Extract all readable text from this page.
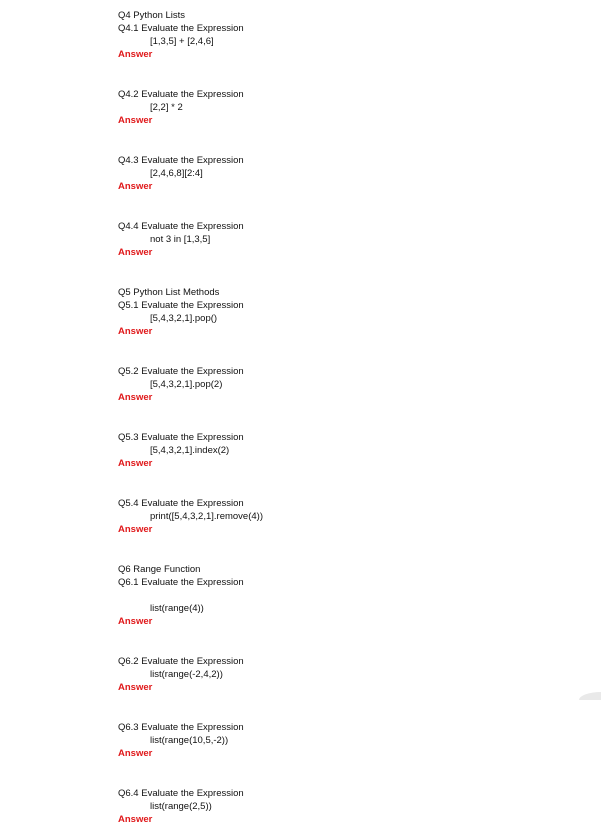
Q4 Python Lists
Q4.1 Evaluate the Expression
[1,3,5] + [2,4,6]
Answer
Q4.2 Evaluate the Expression
[2,2] * 2
Answer
Q4.3 Evaluate the Expression
[2,4,6,8][2:4]
Answer
Q4.4 Evaluate the Expression
not 3 in [1,3,5]
Answer
Q5 Python List Methods
Q5.1 Evaluate the Expression
[5,4,3,2,1].pop()
Answer
Q5.2 Evaluate the Expression
[5,4,3,2,1].pop(2)
Answer
Q5.3 Evaluate the Expression
[5,4,3,2,1].index(2)
Answer
Q5.4 Evaluate the Expression
print([5,4,3,2,1].remove(4))
Answer
Q6 Range Function
Q6.1 Evaluate the Expression
list(range(4))
Answer
Q6.2 Evaluate the Expression
list(range(-2,4,2))
Answer
Q6.3 Evaluate the Expression
list(range(10,5,-2))
Answer
Q6.4 Evaluate the Expression
list(range(2,5))
Answer
